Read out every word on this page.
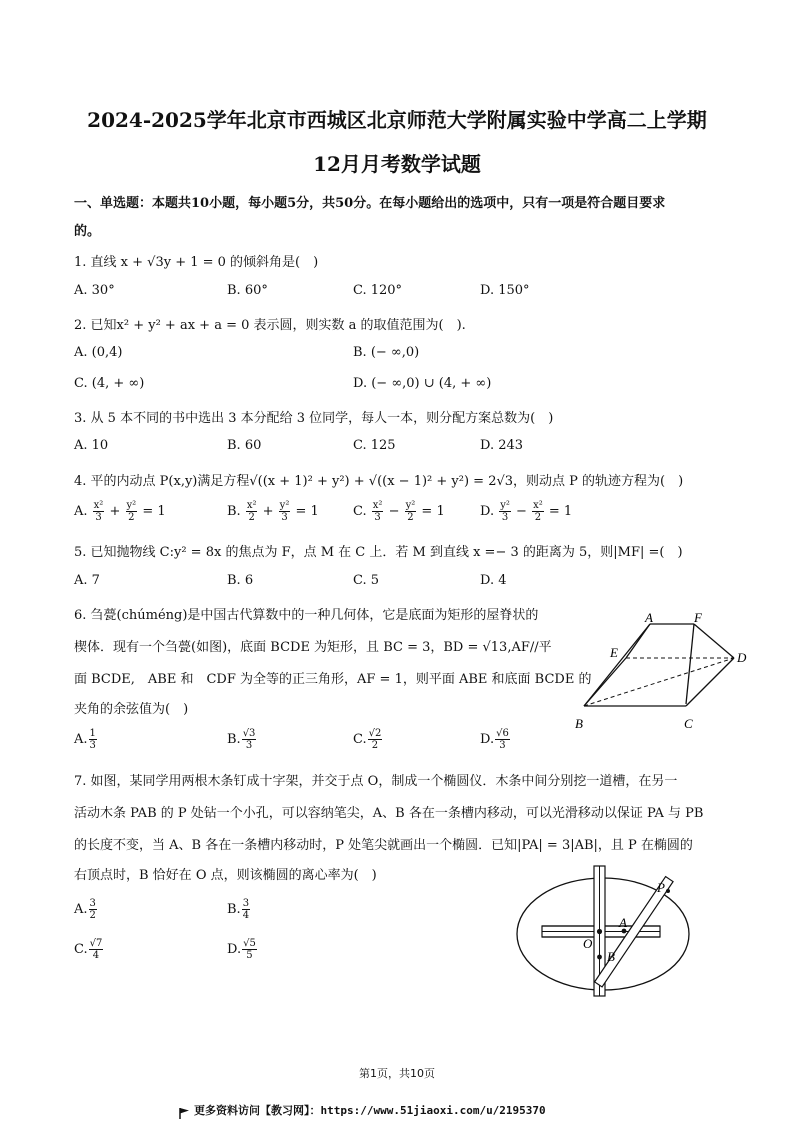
2024-2025学年北京市西城区北京师范大学附属实验中学高二上学期
12月月考数学试题
一、单选题：本题共10小题，每小题5分，共50分。在每小题给出的选项中，只有一项是符合题目要求
的。
1. 直线 x + √3y + 1 = 0 的倾斜角是(　)
A. 30°	B. 60°	C. 120°	D. 150°
2. 已知x² + y² + ax + a = 0 表示圆，则实数 a 的取值范围为(　).
A. (0,4)	B. (− ∞,0)
C. (4, + ∞)	D. (− ∞,0) ∪ (4, + ∞)
3. 从 5 本不同的书中选出 3 本分配给 3 位同学，每人一本，则分配方案总数为(　)
A. 10	B. 60	C. 125	D. 243
4. 平的内动点 P(x,y)满足方程√((x + 1)² + y²) + √((x − 1)² + y²) = 2√3，则动点 P 的轨迹方程为(　)
A. $\frac{\text{x²}}{3} + \frac{\text{y²}}{2} = 1$	B. $\frac{\text{x²}}{2} + \frac{\text{y²}}{3} = 1$	C. $\frac{\text{x²}}{3} - \frac{\text{y²}}{2} = 1$	D. $\frac{\text{y²}}{3} - \frac{\text{x²}}{2} = 1$
5. 已知抛物线 C:y² = 8x 的焦点为 F，点 M 在 C 上．若 M 到直线 x =− 3 的距离为 5，则|MF| =(　)
A. 7	B. 6	C. 5	D. 4
6. 刍甍(chúméng)是中国古代算数中的一种几何体，它是底面为矩形的屋脊状的
楔体．现有一个刍甍(如图)，底面 BCDE 为矩形，且 BC = 3，BD = √13,AF//平
面 BCDE,　ABE 和　CDF 为全等的正三角形，AF = 1，则平面 ABE 和底面 BCDE 的
夹角的余弦值为(　)
A	F
E	D
B	C
A. $\frac{1}{3}$	B. $\frac{√3}{3}$	C. $\frac{√2}{2}$	D. $\frac{√6}{3}$
7. 如图，某同学用两根木条钉成十字架，并交于点 O，制成一个椭圆仪．木条中间分别挖一道槽，在另一
活动木条 PAB 的 P 处钻一个小孔，可以容纳笔尖，A、B 各在一条槽内移动，可以光滑移动以保证 PA 与 PB
的长度不变，当 A、B 各在一条槽内移动时，P 处笔尖就画出一个椭圆．已知|PA| = 3|AB|，且 P 在椭圆的
右顶点时，B 恰好在 O 点，则该椭圆的离心率为(　)
A. $\frac{3}{2}$	B. $\frac{3}{4}$
C. $\frac{√7}{4}$	D. $\frac{√5}{5}$
P
A
O
B
第1页，共10页
更多资料访问【教习网】：https://www.51jiaoxi.com/u/2195370
